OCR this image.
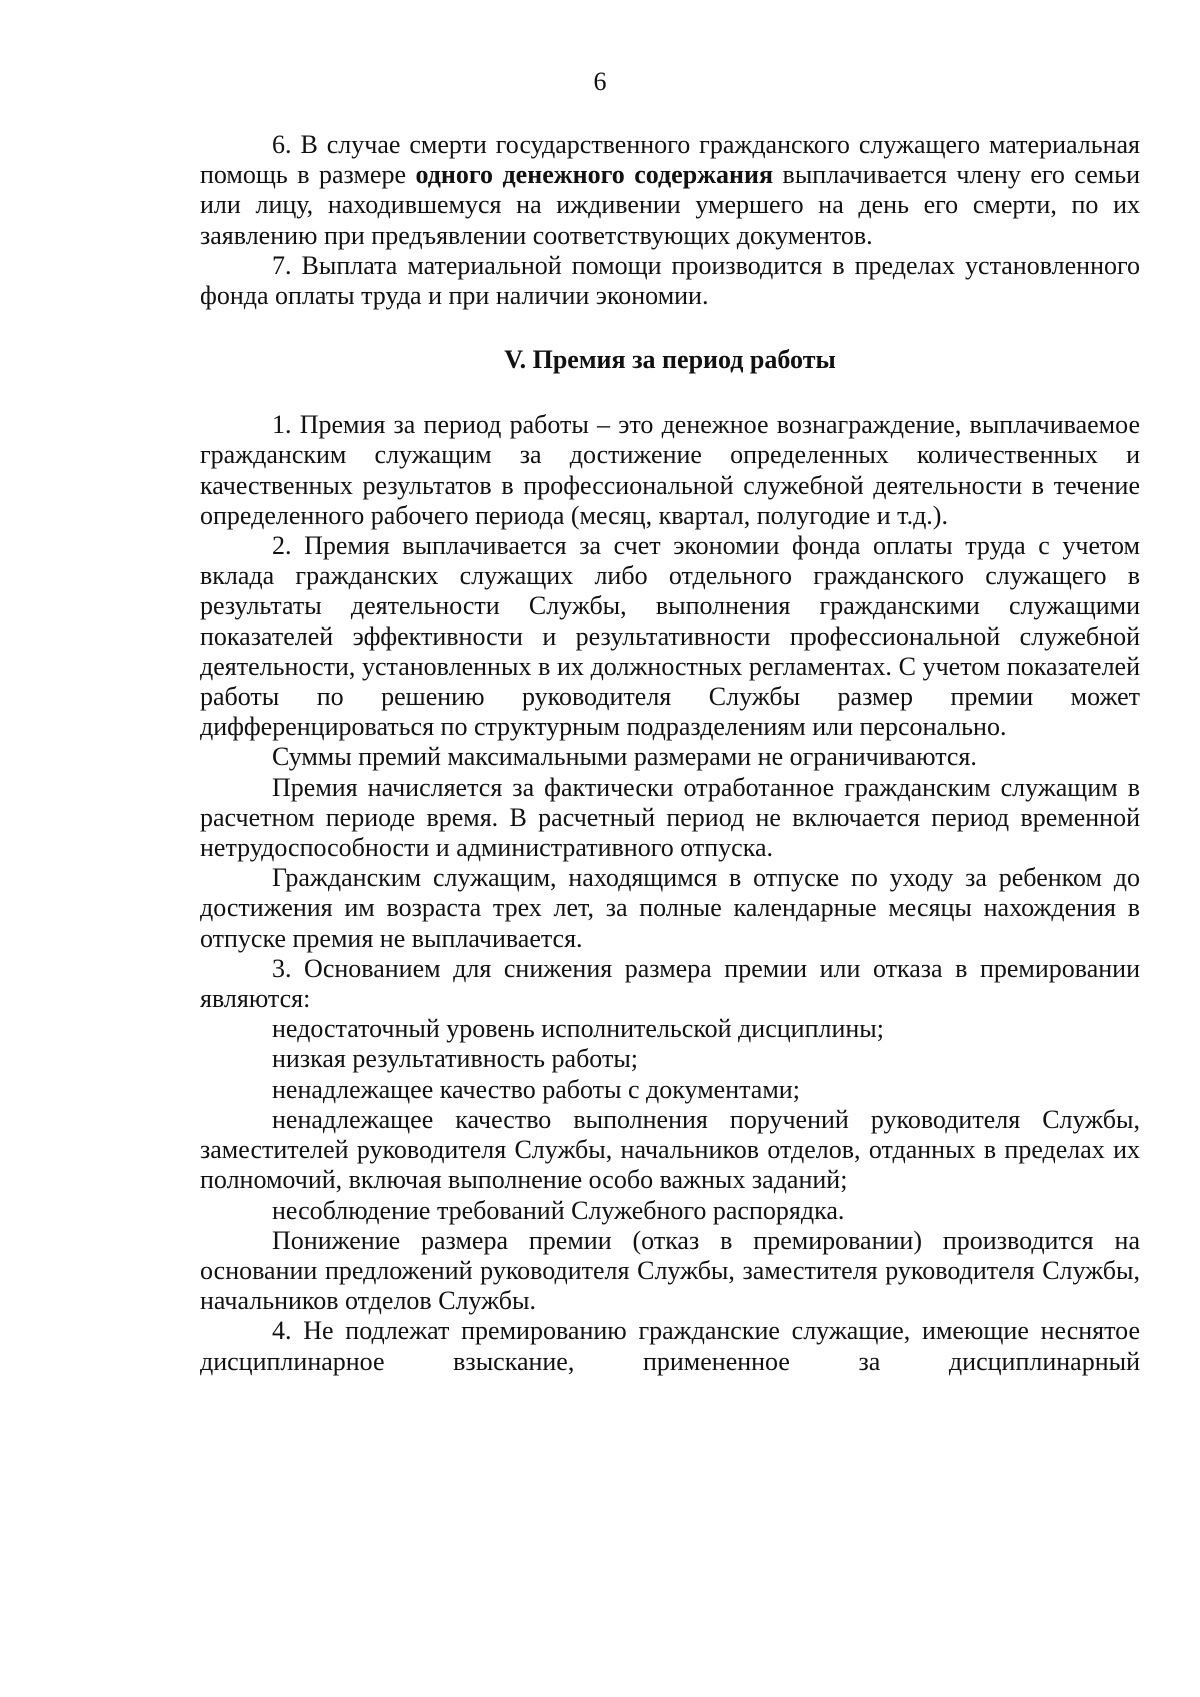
6

6. В случае смерти государственного гражданского служащего материальная помощь в размере одного денежного содержания выплачивается члену его семьи или лицу, находившемуся на иждивении умершего на день его смерти, по их заявлению при предъявлении соответствующих документов.

7. Выплата материальной помощи производится в пределах установленного фонда оплаты труда и при наличии экономии.

V. Премия за период работы

1. Премия за период работы – это денежное вознаграждение, выплачиваемое гражданским служащим за достижение определенных количественных и качественных результатов в профессиональной служебной деятельности в течение определенного рабочего периода (месяц, квартал, полугодие и т.д.).

2. Премия выплачивается за счет экономии фонда оплаты труда с учетом вклада гражданских служащих либо отдельного гражданского служащего в результаты деятельности Службы, выполнения гражданскими служащими показателей эффективности и результативности профессиональной служебной деятельности, установленных в их должностных регламентах. С учетом показателей работы по решению руководителя Службы размер премии может дифференцироваться по структурным подразделениям или персонально.

Суммы премий максимальными размерами не ограничиваются.

Премия начисляется за фактически отработанное гражданским служащим в расчетном периоде время. В расчетный период не включается период временной нетрудоспособности и административного отпуска.

Гражданским служащим, находящимся в отпуске по уходу за ребенком до достижения им возраста трех лет, за полные календарные месяцы нахождения в отпуске премия не выплачивается.

3. Основанием для снижения размера премии или отказа в премировании являются:

недостаточный уровень исполнительской дисциплины;

низкая результативность работы;

ненадлежащее качество работы с документами;

ненадлежащее качество выполнения поручений руководителя Службы, заместителей руководителя Службы, начальников отделов, отданных в пределах их полномочий, включая выполнение особо важных заданий;

несоблюдение требований Служебного распорядка.

Понижение размера премии (отказ в премировании) производится на основании предложений руководителя Службы, заместителя руководителя Службы, начальников отделов Службы.

4. Не подлежат премированию гражданские служащие, имеющие неснятое дисциплинарное взыскание, примененное за дисциплинарный
